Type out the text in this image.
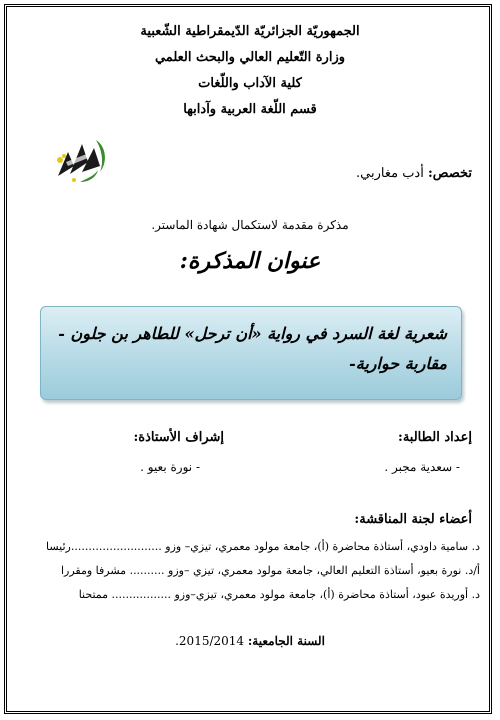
الجمهوريّة الجزائريّة الدّيمقراطية الشّعبية
وزارة التّعليم العالي والبحث العلمي
كلية الآداب واللّغات
قسم اللّغة العربية وآدابها
تخصص: أدب مغاربي.
مذكرة مقدمة لاستكمال شهادة الماستر.
عنوان المذكرة:
شعرية لغة السرد في رواية «أن ترحل» للطاهر بن جلون - مقاربة حوارية-
إعداد الطالبة:
- سعدية مجبر .
إشراف الأستاذة:
- نورة بعيو .
أعضاء لجنة المناقشة:
د. سامية داودي، أستاذة محاضرة (أ)، جامعة مولود معمري، تيزي– وزو ..........................رئيسا
أ/د. نورة بعيو، أستاذة التعليم العالي، جامعة مولود معمري، تيزي –وزو .......... مشرفا ومقررا
د. أوريدة عبود، أستاذة محاضرة (أ)، جامعة مولود معمري، تيزي–وزو ................. ممتحنا
السنة الجامعية: 2015/2014.
